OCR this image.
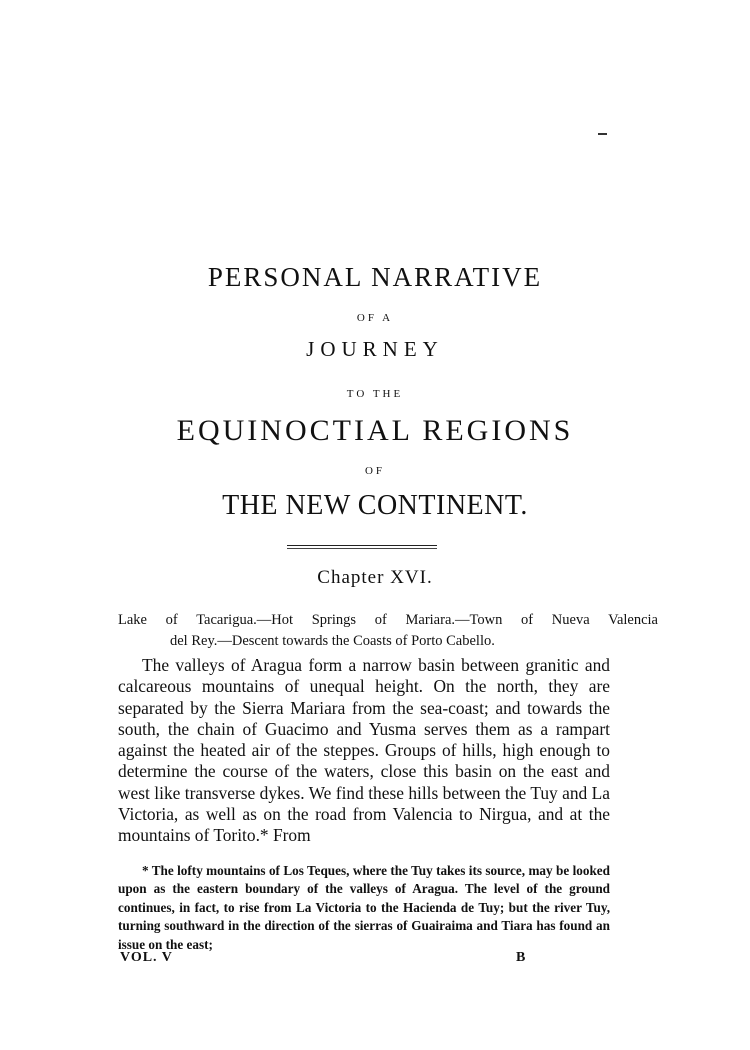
PERSONAL NARRATIVE
OF A
JOURNEY
TO THE
EQUINOCTIAL REGIONS
OF
THE NEW CONTINENT.
Chapter XVI.
Lake of Tacarigua.—Hot Springs of Mariara.—Town of Nueva Valencia
del Rey.—Descent towards the Coasts of Porto Cabello.

The valleys of Aragua form a narrow basin between granitic and calcareous mountains of unequal height. On the north, they are separated by the Sierra Mariara from the sea-coast; and towards the south, the chain of Guacimo and Yusma serves them as a rampart against the heated air of the steppes. Groups of hills, high enough to determine the course of the waters, close this basin on the east and west like transverse dykes. We find these hills between the Tuy and La Victoria, as well as on the road from Valencia to Nirgua, and at the mountains of Torito.* From

* The lofty mountains of Los Teques, where the Tuy takes its source, may be looked upon as the eastern boundary of the valleys of Aragua. The level of the ground continues, in fact, to rise from La Victoria to the Hacienda de Tuy; but the river Tuy, turning southward in the direction of the sierras of Guairaima and Tiara has found an issue on the east;

VOL. V	B
